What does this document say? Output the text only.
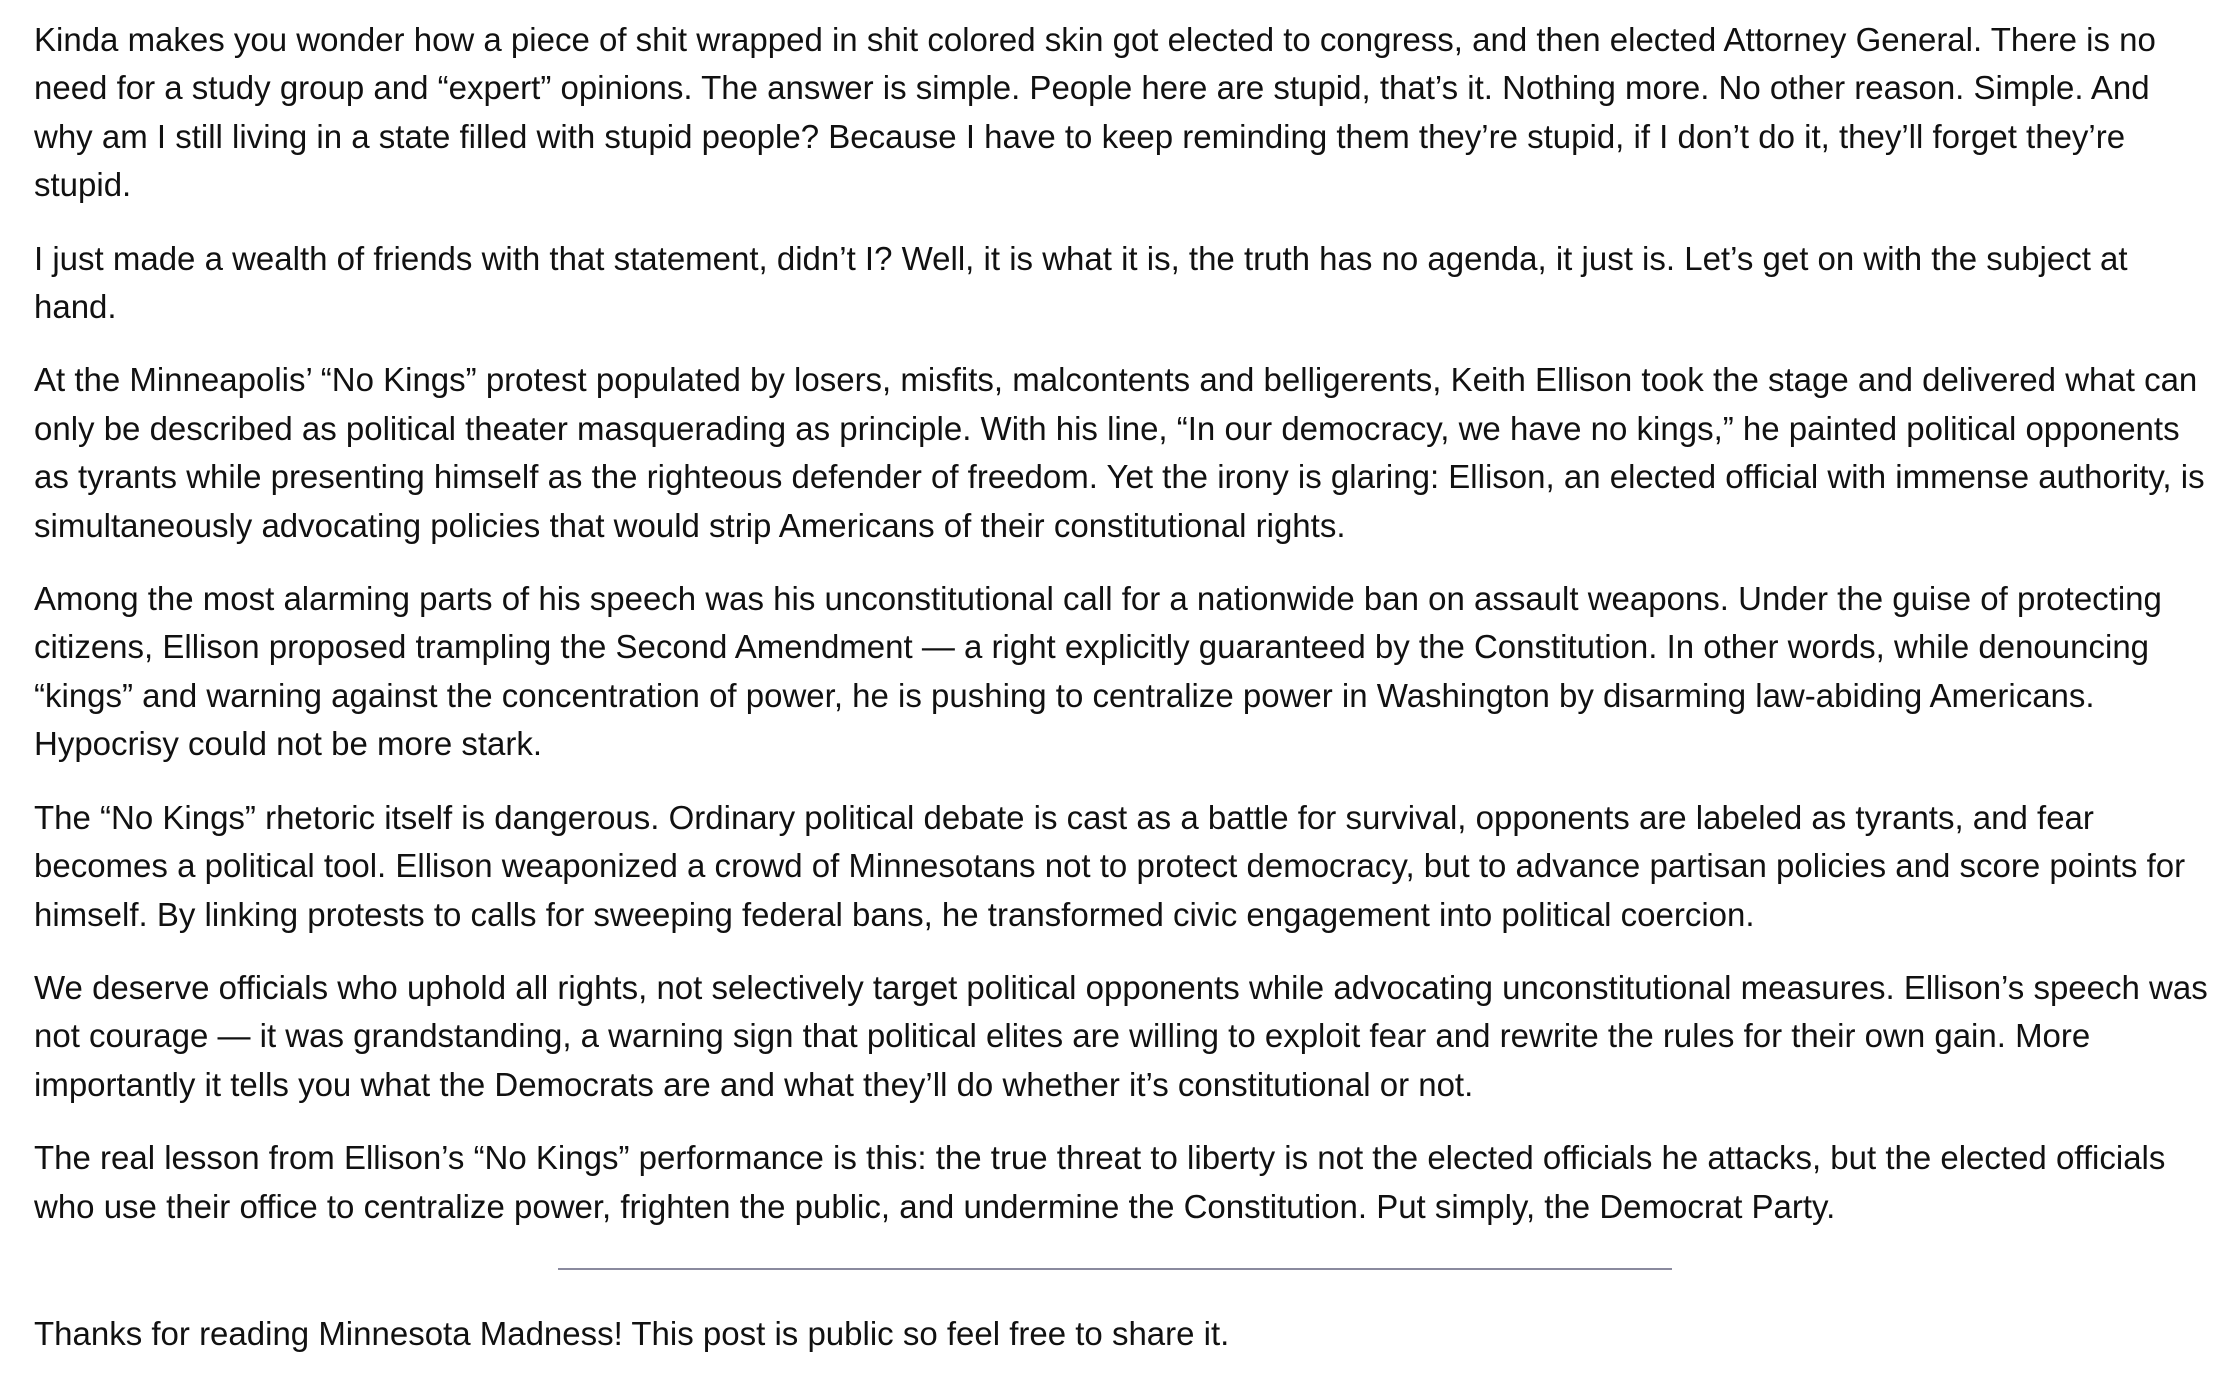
Kinda makes you wonder how a piece of shit wrapped in shit colored skin got elected to congress, and then elected Attorney General. There is no need for a study group and “expert” opinions. The answer is simple. People here are stupid, that’s it. Nothing more. No other reason. Simple. And why am I still living in a state filled with stupid people? Because I have to keep reminding them they’re stupid, if I don’t do it, they’ll forget they’re stupid.

I just made a wealth of friends with that statement, didn’t I? Well, it is what it is, the truth has no agenda, it just is. Let’s get on with the subject at hand.

At the Minneapolis’ “No Kings” protest populated by losers, misfits, malcontents and belligerents, Keith Ellison took the stage and delivered what can only be described as political theater masquerading as principle. With his line, “In our democracy, we have no kings,” he painted political opponents as tyrants while presenting himself as the righteous defender of freedom. Yet the irony is glaring: Ellison, an elected official with immense authority, is simultaneously advocating policies that would strip Americans of their constitutional rights.

Among the most alarming parts of his speech was his unconstitutional call for a nationwide ban on assault weapons. Under the guise of protecting citizens, Ellison proposed trampling the Second Amendment — a right explicitly guaranteed by the Constitution. In other words, while denouncing “kings” and warning against the concentration of power, he is pushing to centralize power in Washington by disarming law-abiding Americans. Hypocrisy could not be more stark.

The “No Kings” rhetoric itself is dangerous. Ordinary political debate is cast as a battle for survival, opponents are labeled as tyrants, and fear becomes a political tool. Ellison weaponized a crowd of Minnesotans not to protect democracy, but to advance partisan policies and score points for himself. By linking protests to calls for sweeping federal bans, he transformed civic engagement into political coercion.

We deserve officials who uphold all rights, not selectively target political opponents while advocating unconstitutional measures. Ellison’s speech was not courage — it was grandstanding, a warning sign that political elites are willing to exploit fear and rewrite the rules for their own gain. More importantly it tells you what the Democrats are and what they’ll do whether it’s constitutional or not.

The real lesson from Ellison’s “No Kings” performance is this: the true threat to liberty is not the elected officials he attacks, but the elected officials who use their office to centralize power, frighten the public, and undermine the Constitution. Put simply, the Democrat Party.

Thanks for reading Minnesota Madness! This post is public so feel free to share it.
